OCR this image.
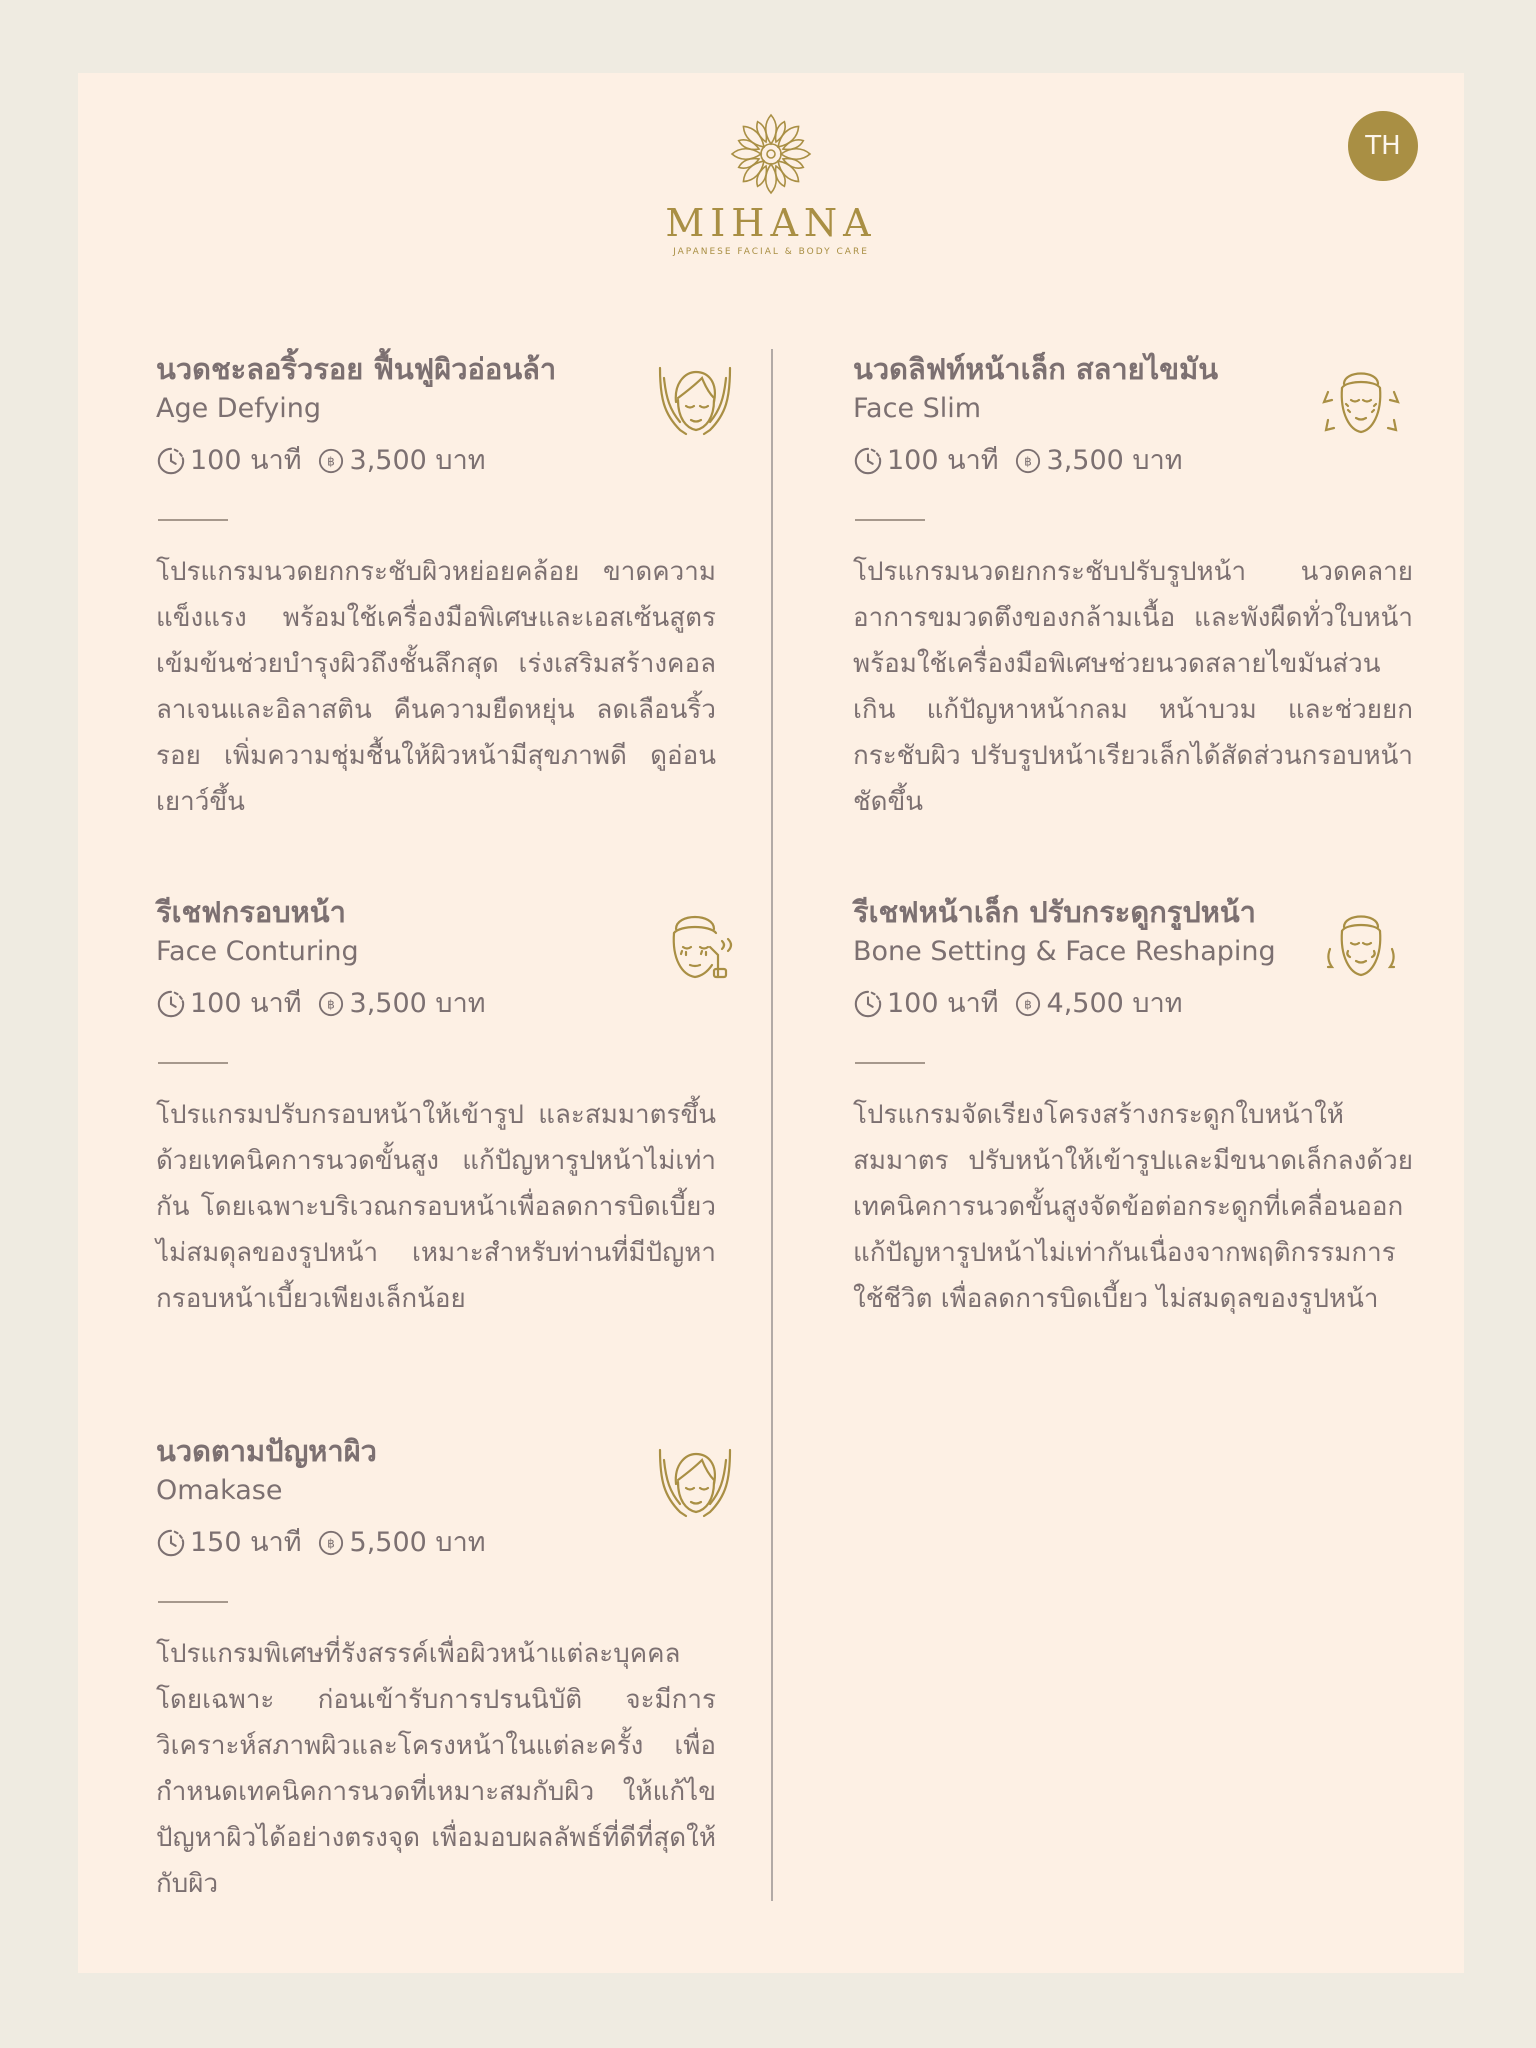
MIHANA
JAPANESE FACIAL & BODY CARE
TH
นวดชะลอริ้วรอย ฟื้นฟูผิวอ่อนล้า
Age Defying
100 นาที 3,500 บาท
โปรแกรมนวดยกกระชับผิวหย่อยคล้อย ขาดความแข็งแรง พร้อมใช้เครื่องมือพิเศษและเอสเซ้นสูตรเข้มข้นช่วยบำรุงผิวถึงชั้นลึกสุด เร่งเสริมสร้างคอลลาเจนและอิลาสติน คืนความยืดหยุ่น ลดเลือนริ้วรอย เพิ่มความชุ่มชื้นให้ผิวหน้ามีสุขภาพดี ดูอ่อนเยาว์ขึ้น
นวดลิฟท์หน้าเล็ก สลายไขมัน
Face Slim
100 นาที 3,500 บาท
โปรแกรมนวดยกกระชับปรับรูปหน้า นวดคลายอาการขมวดตึงของกล้ามเนื้อ และพังผืดทั่วใบหน้า พร้อมใช้เครื่องมือพิเศษช่วยนวดสลายไขมันส่วนเกิน แก้ปัญหาหน้ากลม หน้าบวม และช่วยยกกระชับผิว ปรับรูปหน้าเรียวเล็กได้สัดส่วนกรอบหน้าชัดขึ้น
รีเชฟกรอบหน้า
Face Conturing
100 นาที 3,500 บาท
โปรแกรมปรับกรอบหน้าให้เข้ารูป และสมมาตรขึ้นด้วยเทคนิคการนวดขั้นสูง แก้ปัญหารูปหน้าไม่เท่ากัน โดยเฉพาะบริเวณกรอบหน้าเพื่อลดการบิดเบี้ยว ไม่สมดุลของรูปหน้า เหมาะสำหรับท่านที่มีปัญหากรอบหน้าเบี้ยวเพียงเล็กน้อย
รีเชฟหน้าเล็ก ปรับกระดูกรูปหน้า
Bone Setting & Face Reshaping
100 นาที 4,500 บาท
โปรแกรมจัดเรียงโครงสร้างกระดูกใบหน้าให้สมมาตร ปรับหน้าให้เข้ารูปและมีขนาดเล็กลงด้วยเทคนิคการนวดขั้นสูงจัดข้อต่อกระดูกที่เคลื่อนออก แก้ปัญหารูปหน้าไม่เท่ากันเนื่องจากพฤติกรรมการใช้ชีวิต เพื่อลดการบิดเบี้ยว ไม่สมดุลของรูปหน้า
นวดตามปัญหาผิว
Omakase
150 นาที 5,500 บาท
โปรแกรมพิเศษที่รังสรรค์เพื่อผิวหน้าแต่ละบุคคลโดยเฉพาะ ก่อนเข้ารับการปรนนิบัติ จะมีการวิเคราะห์สภาพผิวและโครงหน้าในแต่ละครั้ง เพื่อกำหนดเทคนิคการนวดที่เหมาะสมกับผิว ให้แก้ไขปัญหาผิวได้อย่างตรงจุด เพื่อมอบผลลัพธ์ที่ดีที่สุดให้กับผิว
